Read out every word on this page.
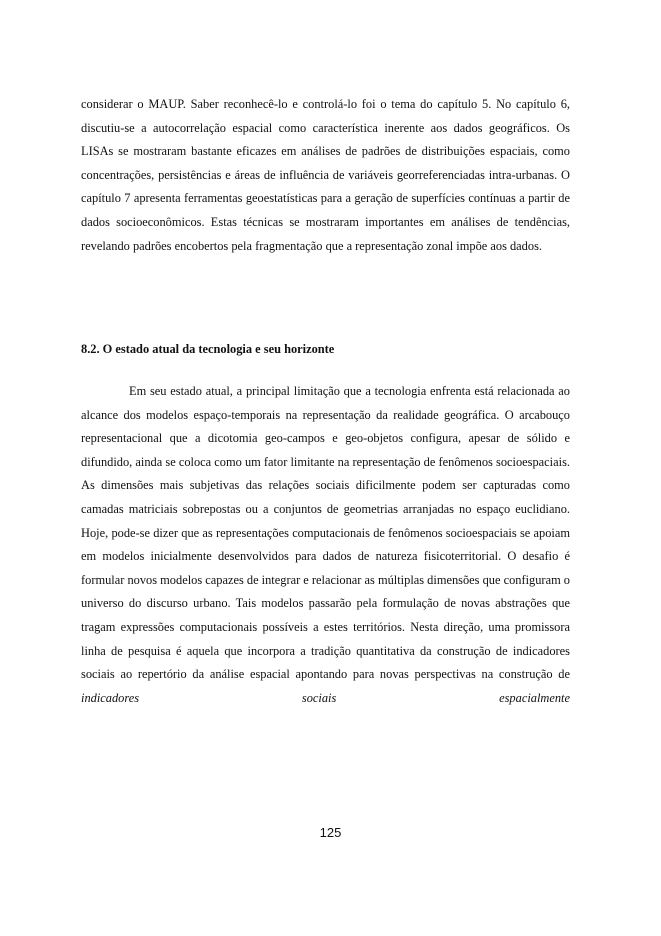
considerar o MAUP. Saber reconhecê-lo e controlá-lo foi o tema do capítulo 5. No capítulo 6, discutiu-se a autocorrelação espacial como característica inerente aos dados geográficos. Os LISAs se mostraram bastante eficazes em análises de padrões de distribuições espaciais, como concentrações, persistências e áreas de influência de variáveis georreferenciadas intra-urbanas. O capítulo 7 apresenta ferramentas geoestatísticas para a geração de superfícies contínuas a partir de dados socioeconômicos. Estas técnicas se mostraram importantes em análises de tendências, revelando padrões encobertos pela fragmentação que a representação zonal impõe aos dados.

8.2. O estado atual da tecnologia e seu horizonte

Em seu estado atual, a principal limitação que a tecnologia enfrenta está relacionada ao alcance dos modelos espaço-temporais na representação da realidade geográfica. O arcabouço representacional que a dicotomia geo-campos e geo-objetos configura, apesar de sólido e difundido, ainda se coloca como um fator limitante na representação de fenômenos socioespaciais. As dimensões mais subjetivas das relações sociais dificilmente podem ser capturadas como camadas matriciais sobrepostas ou a conjuntos de geometrias arranjadas no espaço euclidiano. Hoje, pode-se dizer que as representações computacionais de fenômenos socioespaciais se apoiam em modelos inicialmente desenvolvidos para dados de natureza fisicoterritorial. O desafio é formular novos modelos capazes de integrar e relacionar as múltiplas dimensões que configuram o universo do discurso urbano. Tais modelos passarão pela formulação de novas abstrações que tragam expressões computacionais possíveis a estes territórios. Nesta direção, uma promissora linha de pesquisa é aquela que incorpora a tradição quantitativa da construção de indicadores sociais ao repertório da análise espacial apontando para novas perspectivas na construção de indicadores sociais espacialmente

125
